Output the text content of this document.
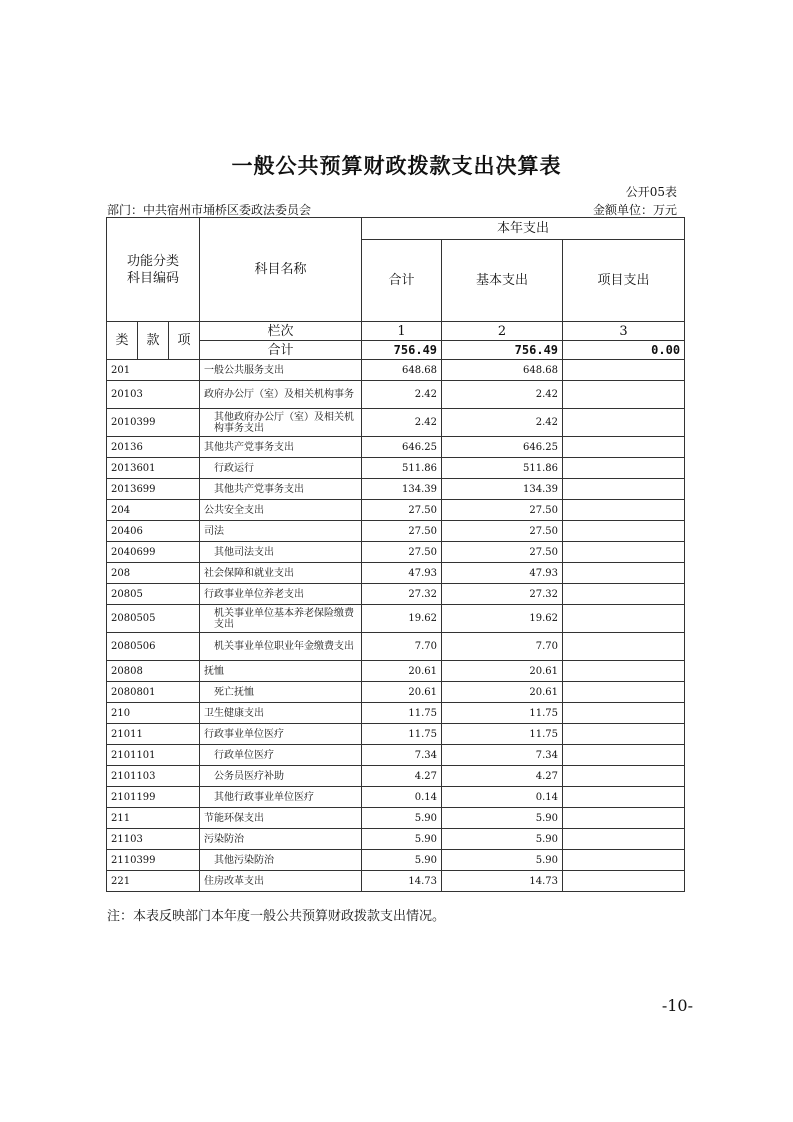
一般公共预算财政拨款支出决算表
公开05表
部门：中共宿州市埇桥区委政法委员会	金额单位：万元
功能分类
科目编码			科目名称	本年支出		
				合计	基本支出	项目支出
类	款	项	栏次	1	2	3
			合计	756.49	756.49	0.00
201			一般公共服务支出	648.68	648.68	
20103			政府办公厅（室）及相关机构事务	2.42	2.42	
2010399			其他政府办公厅（室）及相关机构事务支出	2.42	2.42	
20136			其他共产党事务支出	646.25	646.25	
2013601			行政运行	511.86	511.86	
2013699			其他共产党事务支出	134.39	134.39	
204			公共安全支出	27.50	27.50	
20406			司法	27.50	27.50	
2040699			其他司法支出	27.50	27.50	
208			社会保障和就业支出	47.93	47.93	
20805			行政事业单位养老支出	27.32	27.32	
2080505			机关事业单位基本养老保险缴费支出	19.62	19.62	
2080506			机关事业单位职业年金缴费支出	7.70	7.70	
20808			抚恤	20.61	20.61	
2080801			死亡抚恤	20.61	20.61	
210			卫生健康支出	11.75	11.75	
21011			行政事业单位医疗	11.75	11.75	
2101101			行政单位医疗	7.34	7.34	
2101103			公务员医疗补助	4.27	4.27	
2101199			其他行政事业单位医疗	0.14	0.14	
211			节能环保支出	5.90	5.90	
21103			污染防治	5.90	5.90	
2110399			其他污染防治	5.90	5.90	
221			住房改革支出	14.73	14.73	
注：本表反映部门本年度一般公共预算财政拨款支出情况。
-10-
